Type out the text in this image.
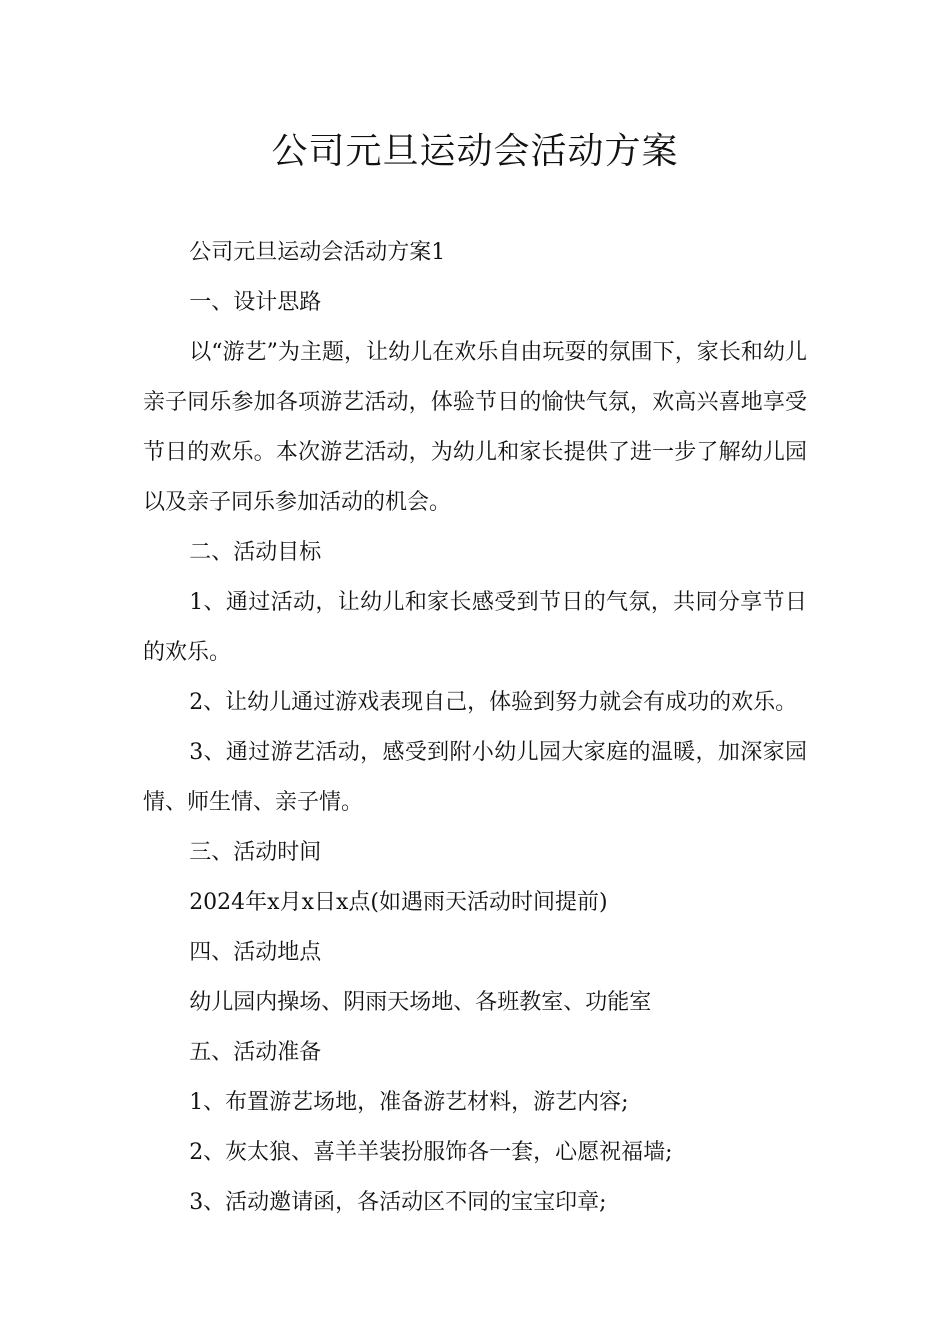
公司元旦运动会活动方案

公司元旦运动会活动方案1

一、设计思路

以“游艺”为主题，让幼儿在欢乐自由玩耍的氛围下，家长和幼儿亲子同乐参加各项游艺活动，体验节日的愉快气氛，欢高兴喜地享受节日的欢乐。本次游艺活动，为幼儿和家长提供了进一步了解幼儿园以及亲子同乐参加活动的机会。

二、活动目标

1、通过活动，让幼儿和家长感受到节日的气氛，共同分享节日的欢乐。

2、让幼儿通过游戏表现自己，体验到努力就会有成功的欢乐。

3、通过游艺活动，感受到附小幼儿园大家庭的温暖，加深家园情、师生情、亲子情。

三、活动时间

2024年x月x日x点(如遇雨天活动时间提前)

四、活动地点

幼儿园内操场、阴雨天场地、各班教室、功能室

五、活动准备

1、布置游艺场地，准备游艺材料，游艺内容;

2、灰太狼、喜羊羊装扮服饰各一套，心愿祝福墙;

3、活动邀请函，各活动区不同的宝宝印章;
